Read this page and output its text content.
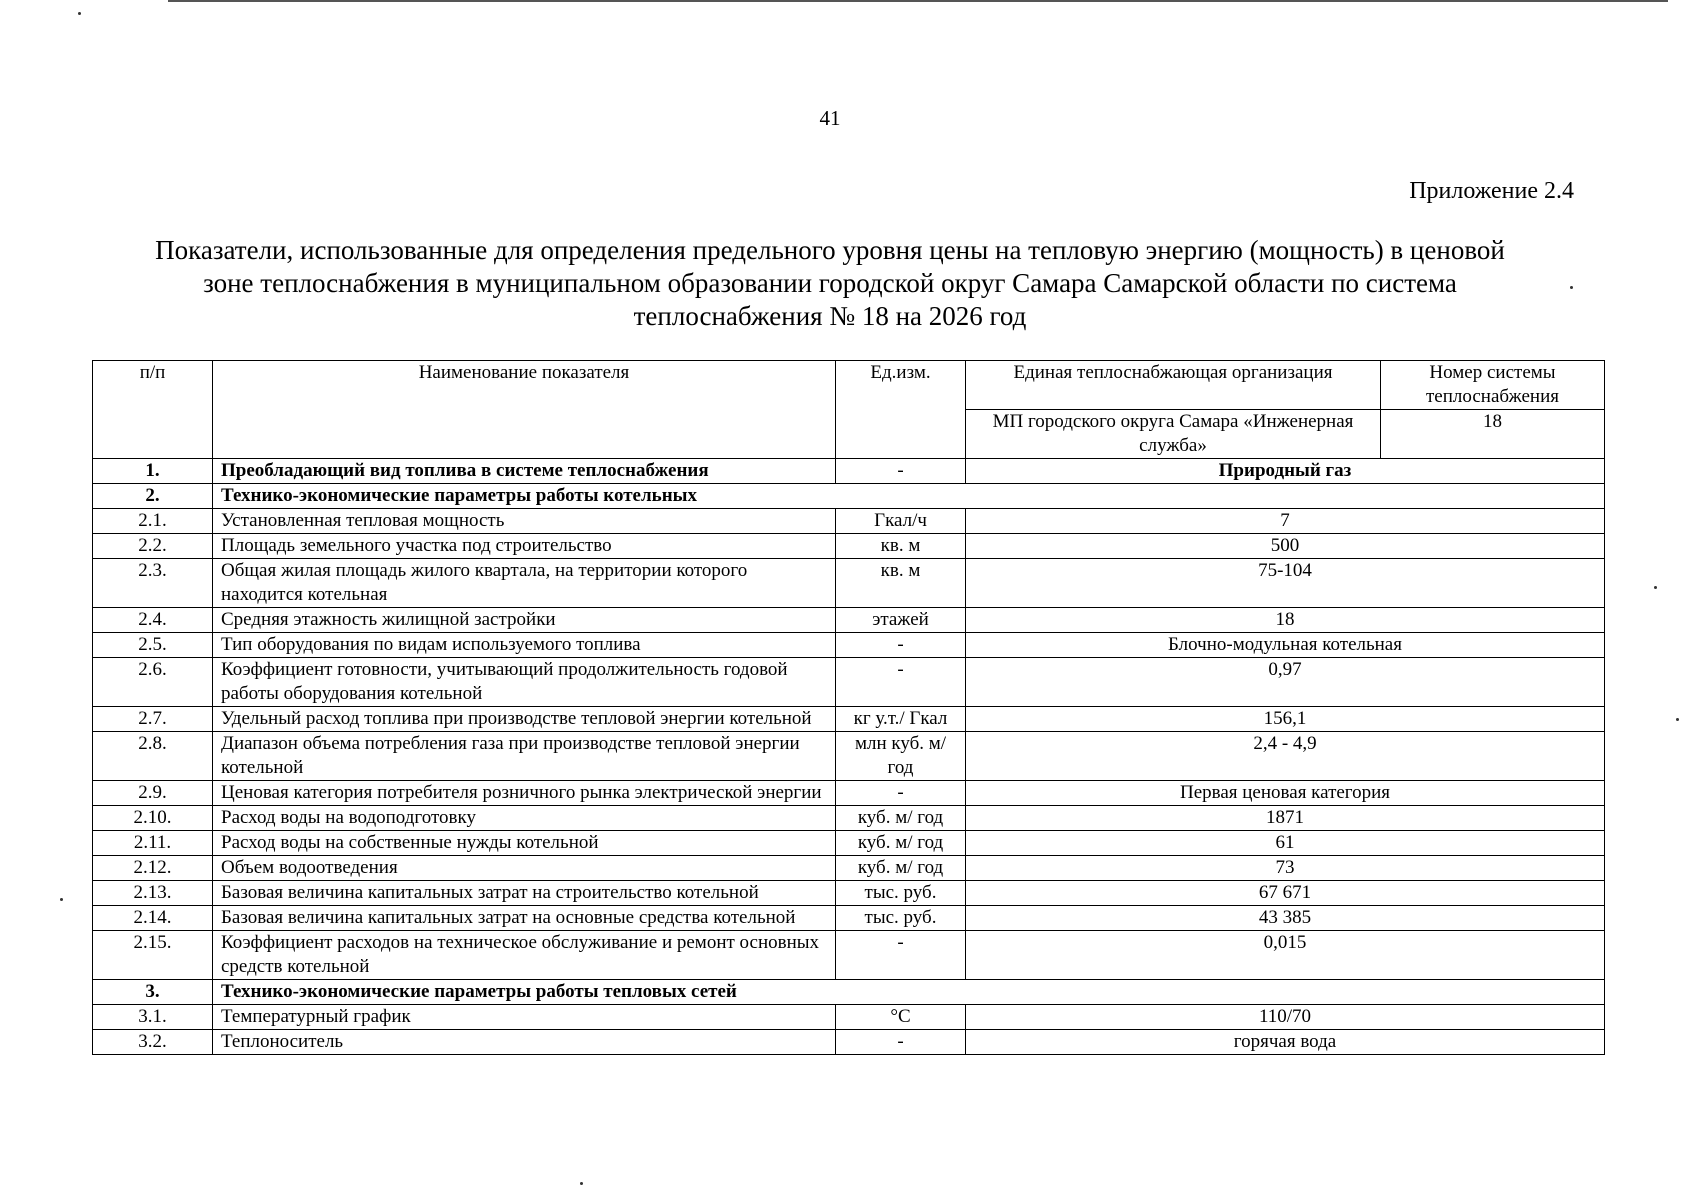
41
Приложение 2.4
Показатели, использованные для определения предельного уровня цены на тепловую энергию (мощность) в ценовой
зоне теплоснабжения в муниципальном образовании городской округ Самара Самарской области по система
теплоснабжения № 18 на 2026 год
п/п	Наименование показателя	Ед.изм.	Единая теплоснабжающая организация	Номер системы теплоснабжения
			МП городского округа Самара «Инженерная служба»	18
1.	Преобладающий вид топлива в системе теплоснабжения	-	Природный газ	
2.	Технико-экономические параметры работы котельных			
2.1.	Установленная тепловая мощность	Гкал/ч	7	
2.2.	Площадь земельного участка под строительство	кв. м	500	
2.3.	Общая жилая площадь жилого квартала, на территории которого находится котельная	кв. м	75-104	
2.4.	Средняя этажность жилищной застройки	этажей	18	
2.5.	Тип оборудования по видам используемого топлива	-	Блочно-модульная котельная	
2.6.	Коэффициент готовности, учитывающий продолжительность годовой работы оборудования котельной	-	0,97	
2.7.	Удельный расход топлива при производстве тепловой энергии котельной	кг у.т./ Гкал	156,1	
2.8.	Диапазон объема потребления газа при производстве тепловой энергии котельной	млн куб. м/год	2,4 - 4,9	
2.9.	Ценовая категория потребителя розничного рынка электрической энергии	-	Первая ценовая категория	
2.10.	Расход воды на водоподготовку	куб. м/ год	1871	
2.11.	Расход воды на собственные нужды котельной	куб. м/ год	61	
2.12.	Объем водоотведения	куб. м/ год	73	
2.13.	Базовая величина капитальных затрат на строительство котельной	тыс. руб.	67 671	
2.14.	Базовая величина капитальных затрат на основные средства котельной	тыс. руб.	43 385	
2.15.	Коэффициент расходов на техническое обслуживание и ремонт основных средств котельной	-	0,015	
3.	Технико-экономические параметры работы тепловых сетей			
3.1.	Температурный график	°С	110/70	
3.2.	Теплоноситель	-	горячая вода	
